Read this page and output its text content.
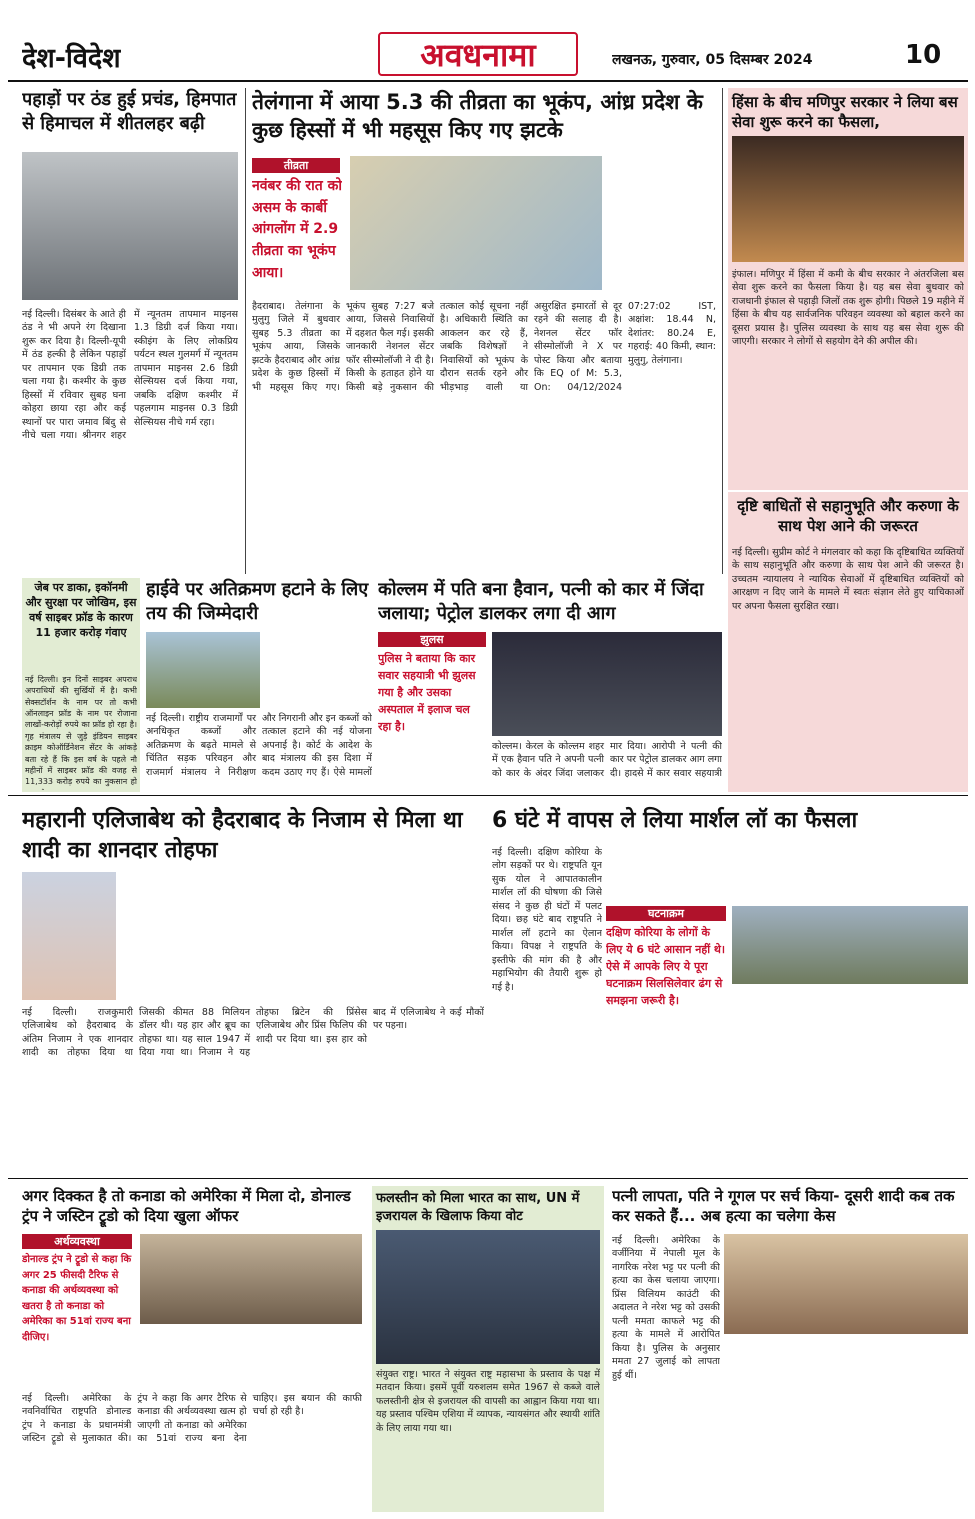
देश-विदेश	अवधनामा	लखनऊ, गुरुवार, 05 दिसम्बर 2024	10
पहाड़ों पर ठंड हुई प्रचंड, हिमपात से हिमाचल में शीतलहर बढ़ी
नई दिल्ली। दिसंबर के आते ही ठंड ने भी अपने रंग दिखाना शुरू कर दिया है। दिल्ली-यूपी में ठंड हल्की है लेकिन पहाड़ों पर तापमान एक डिग्री तक चला गया है। कश्मीर के कुछ हिस्सों में रविवार सुबह घना कोहरा छाया रहा और कई स्थानों पर पारा जमाव बिंदु से नीचे चला गया। श्रीनगर शहर में न्यूनतम तापमान माइनस 1.3 डिग्री दर्ज किया गया। स्कीइंग के लिए लोकप्रिय पर्यटन स्थल गुलमर्ग में न्यूनतम तापमान माइनस 2.6 डिग्री सेल्सियस दर्ज किया गया, जबकि दक्षिण कश्मीर में पहलगाम माइनस 0.3 डिग्री सेल्सियस नीचे गर्म रहा।
तेलंगाना में आया 5.3 की तीव्रता का भूकंप, आंध्र प्रदेश के कुछ हिस्सों में भी महसूस किए गए झटके
तीव्रता
नवंबर की रात को असम के कार्बी आंगलोंग में 2.9 तीव्रता का भूकंप आया।
हैदराबाद। तेलंगाना के मुलुगु जिले में बुधवार सुबह 5.3 तीव्रता का भूकंप आया, जिसके झटके हैदराबाद और आंध्र प्रदेश के कुछ हिस्सों में भी महसूस किए गए। भूकंप सुबह 7:27 बजे आया, जिससे निवासियों में दहशत फैल गई। इसकी जानकारी नेशनल सेंटर फॉर सीस्मोलॉजी ने दी है। किसी के हताहत होने या किसी बड़े नुकसान की तत्काल कोई सूचना नहीं है। अधिकारी स्थिति का आकलन कर रहे हैं, जबकि विशेषज्ञों ने निवासियों को भूकंप के दौरान सतर्क रहने और भीड़भाड़ वाली या असुरक्षित इमारतों से दूर रहने की सलाह दी है। नेशनल सेंटर फॉर सीस्मोलॉजी ने X पर पोस्ट किया और बताया कि EQ of M: 5.3, On: 04/12/2024 07:27:02 IST, अक्षांश: 18.44 N, देशांतर: 80.24 E, गहराई: 40 किमी, स्थान: मुलुगु, तेलंगाना।
हिंसा के बीच मणिपुर सरकार ने लिया बस सेवा शुरू करने का फैसला,
इंफाल। मणिपुर में हिंसा में कमी के बीच सरकार ने अंतरजिला बस सेवा शुरू करने का फैसला किया है। यह बस सेवा बुधवार को राजधानी इंफाल से पहाड़ी जिलों तक शुरू होगी। पिछले 19 महीने में हिंसा के बीच यह सार्वजनिक परिवहन व्यवस्था को बहाल करने का दूसरा प्रयास है। पुलिस व्यवस्था के साथ यह बस सेवा शुरू की जाएगी। सरकार ने लोगों से सहयोग देने की अपील की।
दृष्टि बाधितों से सहानुभूति और करुणा के साथ पेश आने की जरूरत
नई दिल्ली। सुप्रीम कोर्ट ने मंगलवार को कहा कि दृष्टिबाधित व्यक्तियों के साथ सहानुभूति और करुणा के साथ पेश आने की जरूरत है। उच्चतम न्यायालय ने न्यायिक सेवाओं में दृष्टिबाधित व्यक्तियों को आरक्षण न दिए जाने के मामले में स्वतः संज्ञान लेते हुए याचिकाओं पर अपना फैसला सुरक्षित रखा।
जेब पर डाका, इकॉनमी और सुरक्षा पर जोखिम, इस वर्ष साइबर फ्रॉड के कारण 11 हजार करोड़ गंवाए
नई दिल्ली। इन दिनों साइबर अपराध अपराधियों की सुर्खियों में है। कभी सेक्सटॉर्शन के नाम पर तो कभी ऑनलाइन फ्रॉड के नाम पर रोजाना लाखों-करोड़ों रुपये का फ्रॉड हो रहा है। गृह मंत्रालय से जुड़े इंडियन साइबर क्राइम कोऑर्डिनेशन सेंटर के आंकड़े बता रहे हैं कि इस वर्ष के पहले नौ महीनों में साइबर फ्रॉड की वजह से 11,333 करोड़ रुपये का नुकसान हो
हाईवे पर अतिक्रमण हटाने के लिए तय की जिम्मेदारी
नई दिल्ली। राष्ट्रीय राजमार्गों पर अनधिकृत कब्जों और अतिक्रमण के बढ़ते मामले से चिंतित सड़क परिवहन और राजमार्ग मंत्रालय ने निरीक्षण और निगरानी और इन कब्जों को तत्काल हटाने की नई योजना अपनाई है। कोर्ट के आदेश के बाद मंत्रालय की इस दिशा में कदम उठाए गए हैं। ऐसे मामलों
कोल्लम में पति बना हैवान, पत्नी को कार में जिंदा जलाया; पेट्रोल डालकर लगा दी आग
झुलस
पुलिस ने बताया कि कार सवार सहयात्री भी झुलस गया है और उसका अस्पताल में इलाज चल रहा है।
कोल्लम। केरल के कोल्लम शहर में एक हैवान पति ने अपनी पत्नी को कार के अंदर जिंदा जलाकर मार दिया। आरोपी ने पत्नी की कार पर पेट्रोल डालकर आग लगा दी। हादसे में कार सवार सहयात्री
महारानी एलिजाबेथ को हैदराबाद के निजाम से मिला था शादी का शानदार तोहफा
नई दिल्ली। राजकुमारी एलिजाबेथ को हैदराबाद के अंतिम निजाम ने एक शानदार शादी का तोहफा दिया था जिसकी कीमत 88 मिलियन डॉलर थी। यह हार और ब्रूच का तोहफा था। यह साल 1947 में दिया गया था। निजाम ने यह तोहफा ब्रिटेन की प्रिंसेस एलिजाबेथ और प्रिंस फिलिप की शादी पर दिया था। इस हार को बाद में एलिजाबेथ ने कई मौकों पर पहना।
6 घंटे में वापस ले लिया मार्शल लॉ का फैसला
घटनाक्रम
दक्षिण कोरिया के लोगों के लिए ये 6 घंटे आसान नहीं थे। ऐसे में आपके लिए ये पूरा घटनाक्रम सिलसिलेवार ढंग से समझना जरूरी है।
नई दिल्ली। दक्षिण कोरिया के लोग सड़कों पर थे। राष्ट्रपति यून सुक योल ने आपातकालीन मार्शल लॉ की घोषणा की जिसे संसद ने कुछ ही घंटों में पलट दिया। छह घंटे बाद राष्ट्रपति ने मार्शल लॉ हटाने का ऐलान किया। विपक्ष ने राष्ट्रपति के इस्तीफे की मांग की है और महाभियोग की तैयारी शुरू हो गई है।
अगर दिक्कत है तो कनाडा को अमेरिका में मिला दो, डोनाल्ड ट्रंप ने जस्टिन ट्रूडो को दिया खुला ऑफर
अर्थव्यवस्था
डोनाल्ड ट्रंप ने ट्रूडो से कहा कि अगर 25 फीसदी टैरिफ से कनाडा की अर्थव्यवस्था को खतरा है तो कनाडा को अमेरिका का 51वां राज्य बना दीजिए।
नई दिल्ली। अमेरिका के नवनिर्वाचित राष्ट्रपति डोनाल्ड ट्रंप ने कनाडा के प्रधानमंत्री जस्टिन ट्रूडो से मुलाकात की। ट्रंप ने कहा कि अगर टैरिफ से कनाडा की अर्थव्यवस्था खत्म हो जाएगी तो कनाडा को अमेरिका का 51वां राज्य बना देना चाहिए। इस बयान की काफी चर्चा हो रही है।
फलस्तीन को मिला भारत का साथ, UN में इजरायल के खिलाफ किया वोट
संयुक्त राष्ट्र। भारत ने संयुक्त राष्ट्र महासभा के प्रस्ताव के पक्ष में मतदान किया। इसमें पूर्वी यरुशलम समेत 1967 से कब्जे वाले फलस्तीनी क्षेत्र से इजरायल की वापसी का आह्वान किया गया था। यह प्रस्ताव पश्चिम एशिया में व्यापक, न्यायसंगत और स्थायी शांति के लिए लाया गया था।
पत्नी लापता, पति ने गूगल पर सर्च किया- दूसरी शादी कब तक कर सकते हैं... अब हत्या का चलेगा केस
नई दिल्ली। अमेरिका के वर्जीनिया में नेपाली मूल के नागरिक नरेश भट्ट पर पत्नी की हत्या का केस चलाया जाएगा। प्रिंस विलियम काउंटी की अदालत ने नरेश भट्ट को उसकी पत्नी ममता काफले भट्ट की हत्या के मामले में आरोपित किया है। पुलिस के अनुसार ममता 27 जुलाई को लापता हुई थीं।
